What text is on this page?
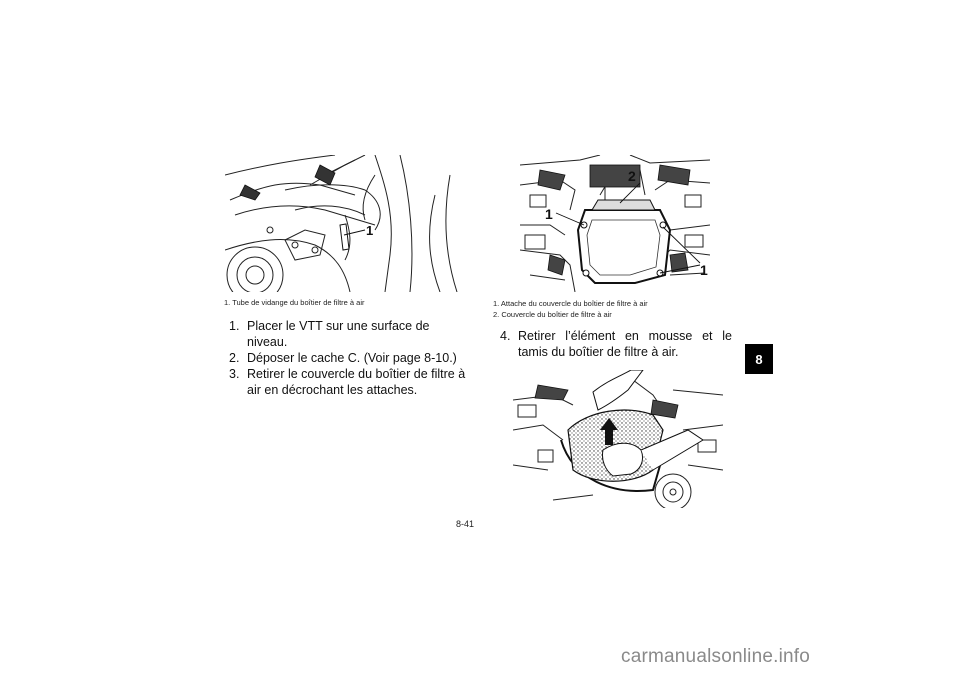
1
1. Tube de vidange du boîtier de filtre à air
1. Placer le VTT sur une surface de niveau.
2. Déposer le cache C. (Voir page 8-10.)
3. Retirer le couvercle du boîtier de filtre à air en décrochant les attaches.
1
2
1
1. Attache du couvercle du boîtier de filtre à air
2. Couvercle du boîtier de filtre à air
4. Retirer l’élément en mousse et le tamis du boîtier de filtre à air.	8
8-41
carmanualsonline.info
